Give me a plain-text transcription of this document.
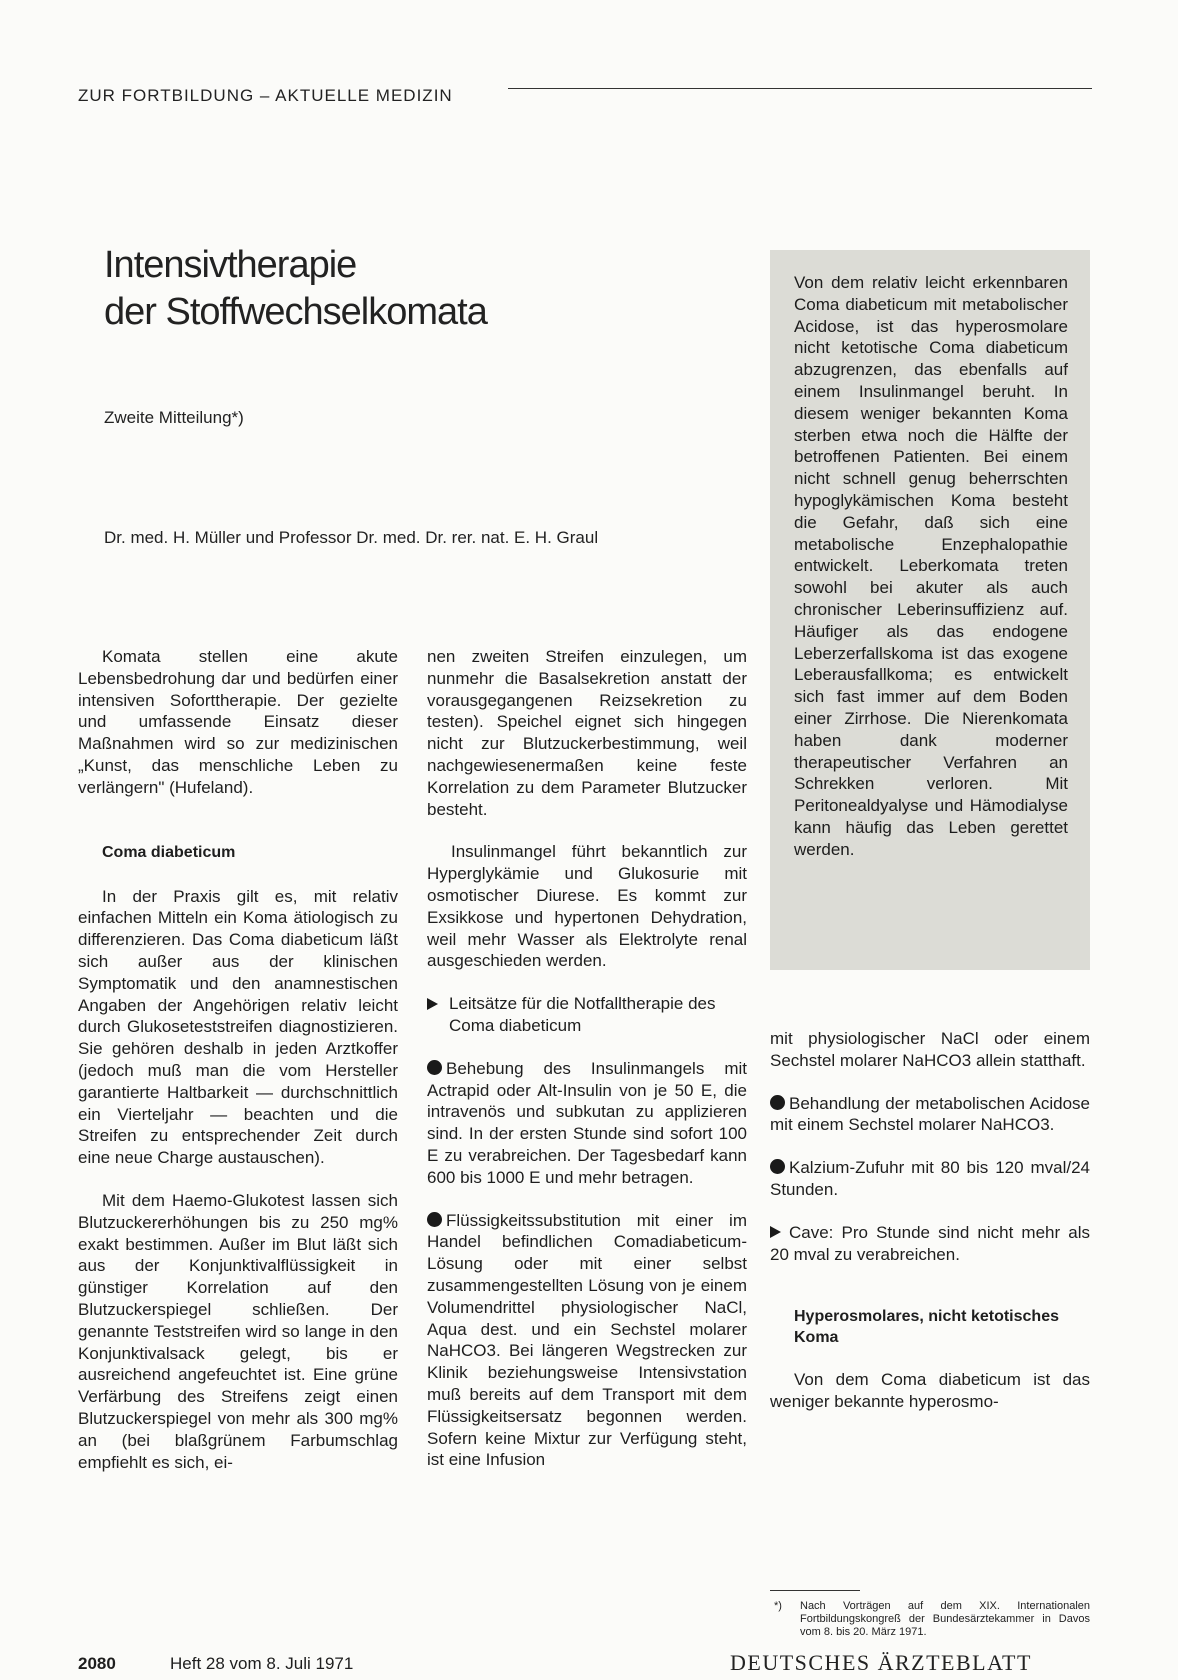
ZUR FORTBILDUNG – AKTUELLE MEDIZIN
Intensivtherapie
der Stoffwechselkomata
Zweite Mitteilung*)
Dr. med. H. Müller und Professor Dr. med. Dr. rer. nat. E. H. Graul
Von dem relativ leicht erkennbaren Coma diabeticum mit metabolischer Acidose, ist das hyperosmolare nicht ketotische Coma diabeticum abzugrenzen, das ebenfalls auf einem Insulinmangel beruht. In diesem weniger bekannten Koma sterben etwa noch die Hälfte der betroffenen Patienten. Bei einem nicht schnell genug beherrschten hypoglykämischen Koma besteht die Gefahr, daß sich eine metabolische Enzephalopathie entwickelt. Leberkomata treten sowohl bei akuter als auch chronischer Leberinsuffizienz auf. Häufiger als das endogene Leberzerfallskoma ist das exogene Leberausfallkoma; es entwickelt sich fast immer auf dem Boden einer Zirrhose. Die Nierenkomata haben dank moderner therapeutischer Verfahren an Schrekken verloren. Mit Peritonealdyalyse und Hämodialyse kann häufig das Leben gerettet werden.

Komata stellen eine akute Lebensbedrohung dar und bedürfen einer intensiven Soforttherapie. Der gezielte und umfassende Einsatz dieser Maßnahmen wird so zur medizinischen „Kunst, das menschliche Leben zu verlängern" (Hufeland).

Coma diabeticum

In der Praxis gilt es, mit relativ einfachen Mitteln ein Koma ätiologisch zu differenzieren. Das Coma diabeticum läßt sich außer aus der klinischen Symptomatik und den anamnestischen Angaben der Angehörigen relativ leicht durch Glukoseteststreifen diagnostizieren. Sie gehören deshalb in jeden Arztkoffer (jedoch muß man die vom Hersteller garantierte Haltbarkeit — durchschnittlich ein Vierteljahr — beachten und die Streifen zu entsprechender Zeit durch eine neue Charge austauschen).

Mit dem Haemo-Glukotest lassen sich Blutzuckererhöhungen bis zu 250 mg% exakt bestimmen. Außer im Blut läßt sich aus der Konjunktivalflüssigkeit in günstiger Korrelation auf den Blutzuckerspiegel schließen. Der genannte Teststreifen wird so lange in den Konjunktivalsack gelegt, bis er ausreichend angefeuchtet ist. Eine grüne Verfärbung des Streifens zeigt einen Blutzuckerspiegel von mehr als 300 mg% an (bei blaßgrünem Farbumschlag empfiehlt es sich, ei-

nen zweiten Streifen einzulegen, um nunmehr die Basalsekretion anstatt der vorausgegangenen Reizsekretion zu testen). Speichel eignet sich hingegen nicht zur Blutzuckerbestimmung, weil nachgewiesenermaßen keine feste Korrelation zu dem Parameter Blutzucker besteht.

Insulinmangel führt bekanntlich zur Hyperglykämie und Glukosurie mit osmotischer Diurese. Es kommt zur Exsikkose und hypertonen Dehydration, weil mehr Wasser als Elektrolyte renal ausgeschieden werden.

Leitsätze für die Notfalltherapie des Coma diabeticum
Behebung des Insulinmangels mit Actrapid oder Alt-Insulin von je 50 E, die intravenös und subkutan zu applizieren sind. In der ersten Stunde sind sofort 100 E zu verabreichen. Der Tagesbedarf kann 600 bis 1000 E und mehr betragen.
Flüssigkeitssubstitution mit einer im Handel befindlichen Comadiabeticum-Lösung oder mit einer selbst zusammengestellten Lösung von je einem Volumendrittel physiologischer NaCl, Aqua dest. und ein Sechstel molarer NaHCO3. Bei längeren Wegstrecken zur Klinik beziehungsweise Intensivstation muß bereits auf dem Transport mit dem Flüssigkeitsersatz begonnen werden. Sofern keine Mixtur zur Verfügung steht, ist eine Infusion

mit physiologischer NaCl oder einem Sechstel molarer NaHCO3 allein statthaft.

Behandlung der metabolischen Acidose mit einem Sechstel molarer NaHCO3.
Kalzium-Zufuhr mit 80 bis 120 mval/24 Stunden.
Cave: Pro Stunde sind nicht mehr als 20 mval zu verabreichen.
Hyperosmolares, nicht ketotisches Koma

Von dem Coma diabeticum ist das weniger bekannte hyperosmo-

*) Nach Vorträgen auf dem XIX. Internationalen Fortbildungskongreß der Bundesärztekammer in Davos vom 8. bis 20. März 1971.
2080	Heft 28 vom 8. Juli 1971	DEUTSCHES ÄRZTEBLATT
